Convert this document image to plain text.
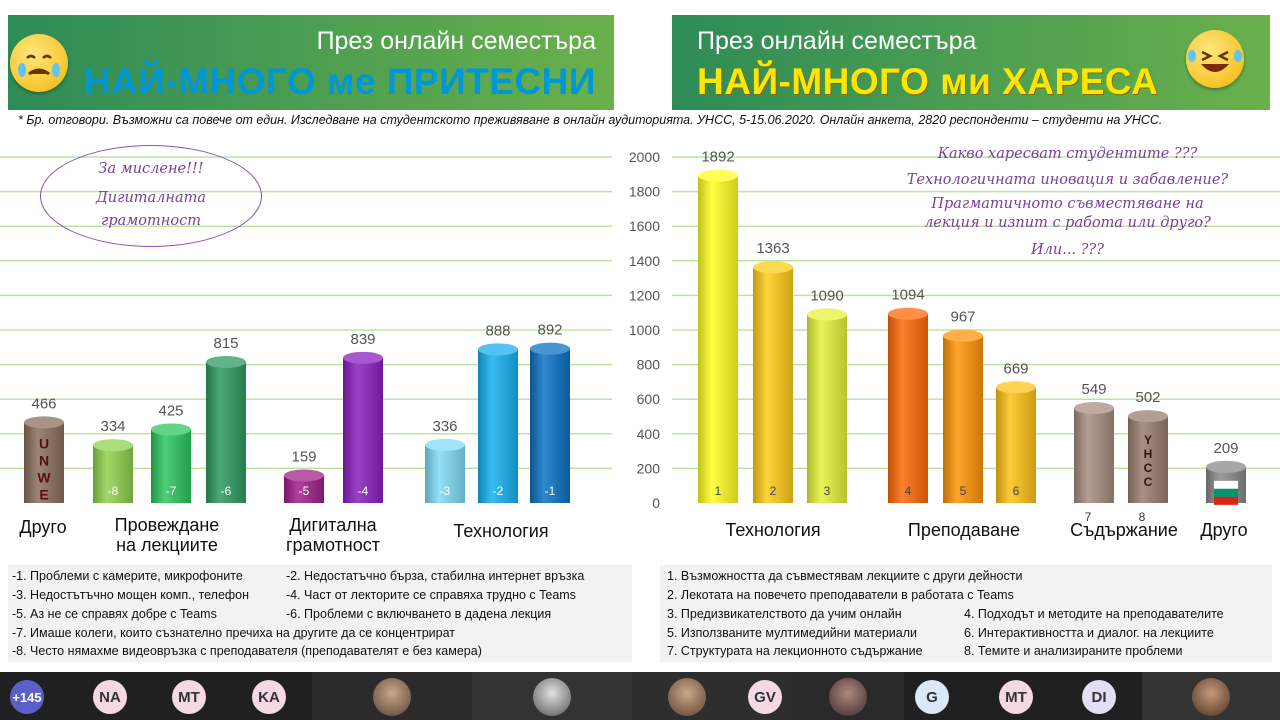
През онлайн семестъра
НАЙ-МНОГО ме ПРИТЕСНИ
През онлайн семестъра
НАЙ-МНОГО ми ХАРЕСА
* Бр. отговори. Възможни са повече от един. Изследване на студентското преживяване в онлайн аудиторията. УНСС, 5-15.06.2020. Онлайн анкета, 2820 респонденти – студенти на УНСС.
0
200
400
600
800
1000
1200
1400
1600
1800
2000
U
N
W
E
466
334
-8
425
-7
815
-6
159
-5
839
-4
336
-3
888
-2
892
-1
1892
1
1363
2
1090
3
1094
4
967
5
669
6
549
7
Y
H
C
C
502
8
209
Друго	Провеждане
на лекциите
Дигитална
грамотност
Технология	Технология	Преподаване	Съдържание Друго
За мислене!!!
Дигиталната
грамотност
Какво харесват студентите ???
Технологичната иновация и забавление?
Прагматичното съвместяване на
лекция и изпит с работа или друго?
Или... ???
-1. Проблеми с камерите, микрофоните	-2. Недостатъчно бърза, стабилна интернет връзка
-3. Недостътъчно мощен комп., телефон	-4. Част от лекторите се справяха трудно с Teams
-5. Аз не се справях добре с Teams	-6. Проблеми с включването в дадена лекция
-7. Имаше колеги, които съзнателно пречиха на другите да се концентрират
-8. Често нямахме видеовръзка с преподавателя (преподавателят е без камера)
1. Възможността да съвместявам лекциите с други дейности
2. Лекотата на повечето преподаватели в работата с Teams
3. Предизвикателството да учим онлайн	4. Подходът и методите на преподавателите
5. Използваните мултимедийни материали	6. Интерактивността и диалог. на лекциите
7. Структурата на лекционното съдържание	8. Темите и анализираните проблеми
+145	NA	MT	KA	GV	G	MT	DI
